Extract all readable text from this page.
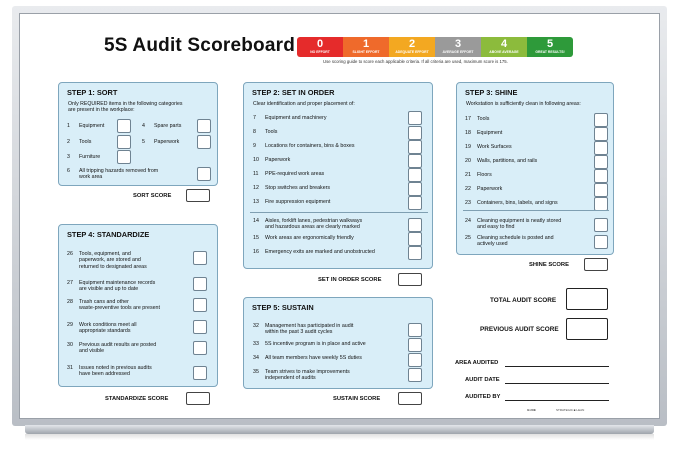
5S Audit Scoreboard	0
NO EFFORT
1
SLIGHT EFFORT
2
ADEQUATE EFFORT
3
AVERAGE EFFORT
4
ABOVE AVERAGE
5
GREAT RESULTS!
Use scoring guide to score each applicable criteria. If all criteria are used, maximum score is 175.
STEP 1: SORT
Only REQUIRED items in the following categories
are present in the workplace:
1	Equipment	4	Spare parts
2	Tools	5	Paperwork
3	Furniture
6	All tripping hazards removed from
work area
SORT SCORE
STEP 2: SET IN ORDER
Clear identification and proper placement of:
7	Equipment and machinery
8	Tools
9	Locations for containers, bins & boxes
10	Paperwork
11	PPE-required work areas
12	Stop switches and breakers
13	Fire suppression equipment
14	Aisles, forklift lanes, pedestrian walkways
and hazardous areas are clearly marked
15	Work areas are ergonomically friendly
16	Emergency exits are marked and unobstructed
SET IN ORDER SCORE
STEP 3: SHINE
Workstation is sufficiently clean in following areas:
17	Tools
18	Equipment
19	Work Surfaces
20	Walls, partitions, and rails
21	Floors
22	Paperwork
23	Containers, bins, labels, and signs
24	Cleaning equipment is neatly stored
and easy to find
25	Cleaning schedule is posted and
actively used
SHINE SCORE
STEP 4: STANDARDIZE
26	Tools, equipment, and
paperwork, are stored and
returned to designated areas
27	Equipment maintenance records
are visible and up to date
28	Trash cans and other
waste-preventive tools are present
29	Work conditions meet all
appropriate standards
30	Previous audit results are posted
and visible
31	Issues noted in previous audits
have been addressed
STANDARDIZE SCORE
STEP 5: SUSTAIN
32	Management has participated in audit
within the past 3 audit cycles
33	5S incentive program is in place and active
34	All team members have weekly 5S duties
35	Team strives to make improvements
independent of audits
SUSTAIN SCORE
TOTAL AUDIT SCORE
PREVIOUS AUDIT SCORE
AREA AUDITED
AUDIT DATE
AUDITED BY
ILUXE	STRATEGIC ■ LEAN
